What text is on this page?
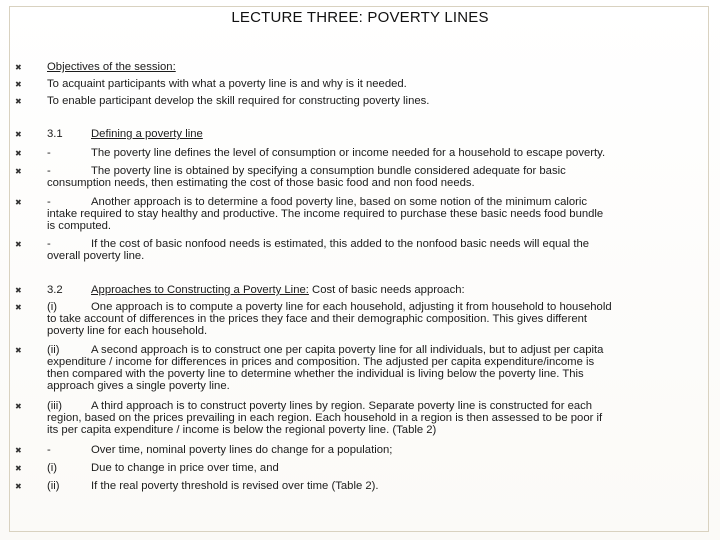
LECTURE THREE: POVERTY LINES
✖ Objectives of the session:
✖ To acquaint participants with what a poverty line is and why is it needed.
✖ To enable participant develop the skill required for constructing poverty lines.
✖ 3.1	Defining a poverty line
✖ -	The poverty line defines the level of consumption or income needed for a household to escape poverty.
✖ -	The poverty line is obtained by specifying a consumption bundle considered adequate for basic
consumption needs, then estimating the cost of those basic food and non food needs.
✖ -	Another approach is to determine a food poverty line, based on some notion of the minimum caloric
intake required to stay healthy and productive. The income required to purchase these basic needs food bundle
is computed.
✖ -	If the cost of basic nonfood needs is estimated, this added to the nonfood basic needs will equal the
overall poverty line.
✖ 3.2	Approaches to Constructing a Poverty Line: Cost of basic needs approach:
✖ (i)	One approach is to compute a poverty line for each household, adjusting it from household to household
to take account of differences in the prices they face and their demographic composition. This gives different
poverty line for each household.
✖ (ii)	A second approach is to construct one per capita poverty line for all individuals, but to adjust per capita
expenditure / income for differences in prices and composition. The adjusted per capita expenditure/income is
then compared with the poverty line to determine whether the individual is living below the poverty line. This
approach gives a single poverty line.
✖ (iii)	A third approach is to construct poverty lines by region. Separate poverty line is constructed for each
region, based on the prices prevailing in each region. Each household in a region is then assessed to be poor if
its per capita expenditure / income is below the regional poverty line. (Table 2)
✖ -	Over time, nominal poverty lines do change for a population;
✖ (i)	Due to change in price over time, and
✖ (ii)	If the real poverty threshold is revised over time (Table 2).
